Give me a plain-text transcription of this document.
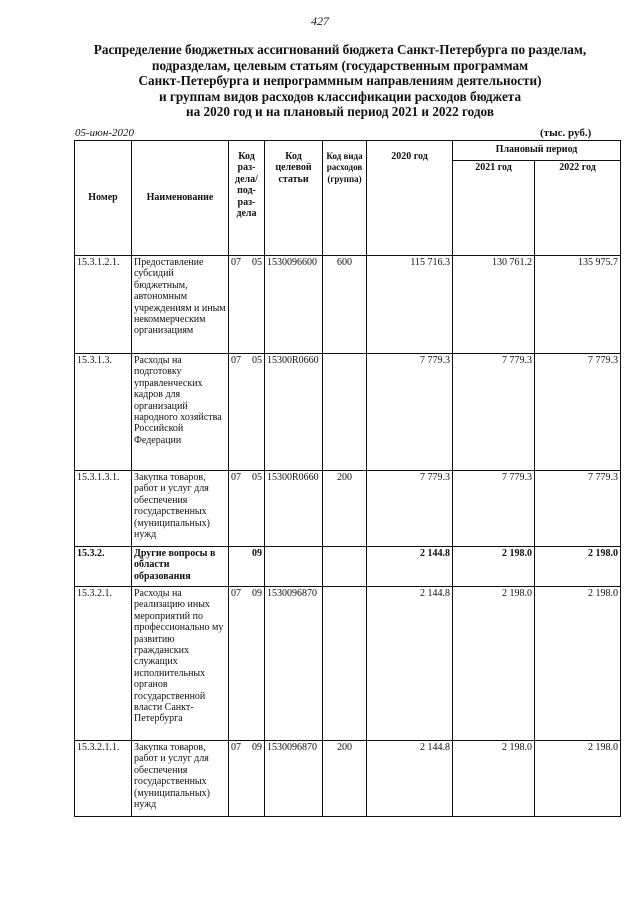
427
Распределение бюджетных ассигнований бюджета Санкт-Петербурга по разделам,
подразделам, целевым статьям (государственным программам
Санкт-Петербурга и непрограммным направлениям деятельности)
и группам видов расходов классификации расходов бюджета
на 2020 год и на плановый период 2021 и 2022 годов
05-июн-2020	(тыс. руб.)
Номер	Наименование	Код раз- дела/ под- раз- дела	Код целевой статьи	Код вида расходов (группа)	2020 год	Плановый период	
						2021 год	2022 год
15.3.1.2.1.	Предоставление субсидий бюджетным, автономным учреждениям и иным некоммерческим организациям	07 05	1530096600	600	115 716.3	130 761.2	135 975.7
15.3.1.3.	Расходы на подготовку управленческих кадров для организаций народного хозяйства Российской Федерации	07 05	15300R0660		7 779.3	7 779.3	7 779.3
15.3.1.3.1.	Закупка товаров, работ и услуг для обеспечения государственных (муниципальных) нужд	07 05	15300R0660	200	7 779.3	7 779.3	7 779.3
15.3.2.	Другие вопросы в области образования	09			2 144.8	2 198.0	2 198.0
15.3.2.1.	Расходы на реализацию иных мероприятий по профессионально му развитию гражданских служащих исполнительных органов государственной власти Санкт-Петербурга	07 09	1530096870		2 144.8	2 198.0	2 198.0
15.3.2.1.1.	Закупка товаров, работ и услуг для обеспечения государственных (муниципальных) нужд	07 09	1530096870	200	2 144.8	2 198.0	2 198.0
